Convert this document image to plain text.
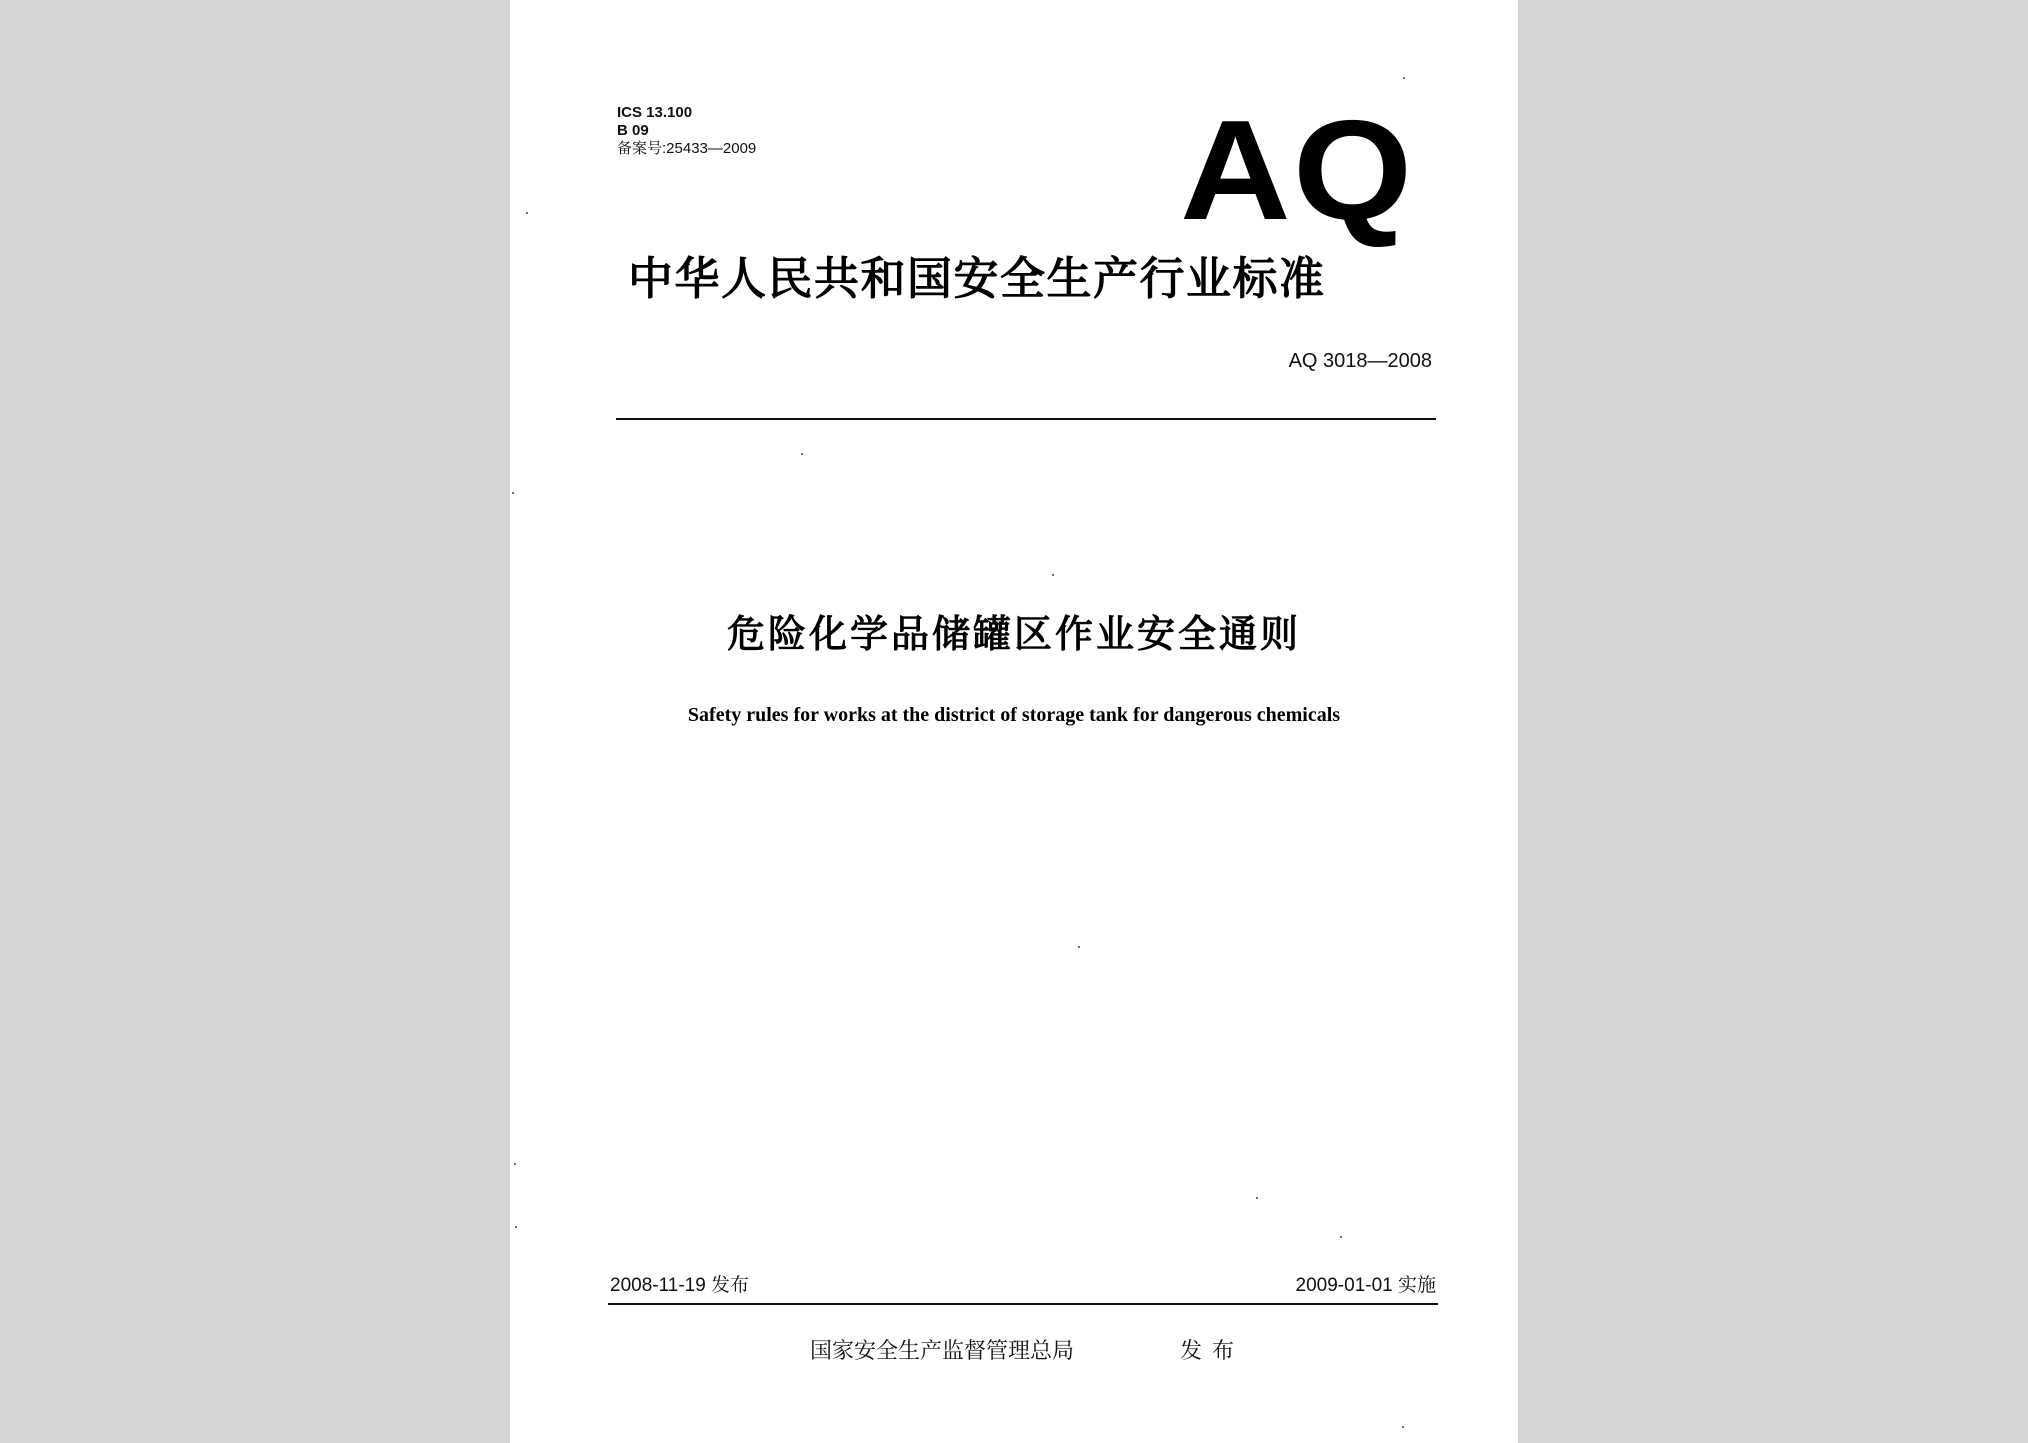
ICS 13.100
B 09
备案号:25433—2009	AQ
中华人民共和国安全生产行业标准
AQ 3018—2008
危险化学品储罐区作业安全通则
Safety rules for works at the district of storage tank for dangerous chemicals
2008-11-19 发布	2009-01-01 实施
国家安全生产监督管理总局	发布
